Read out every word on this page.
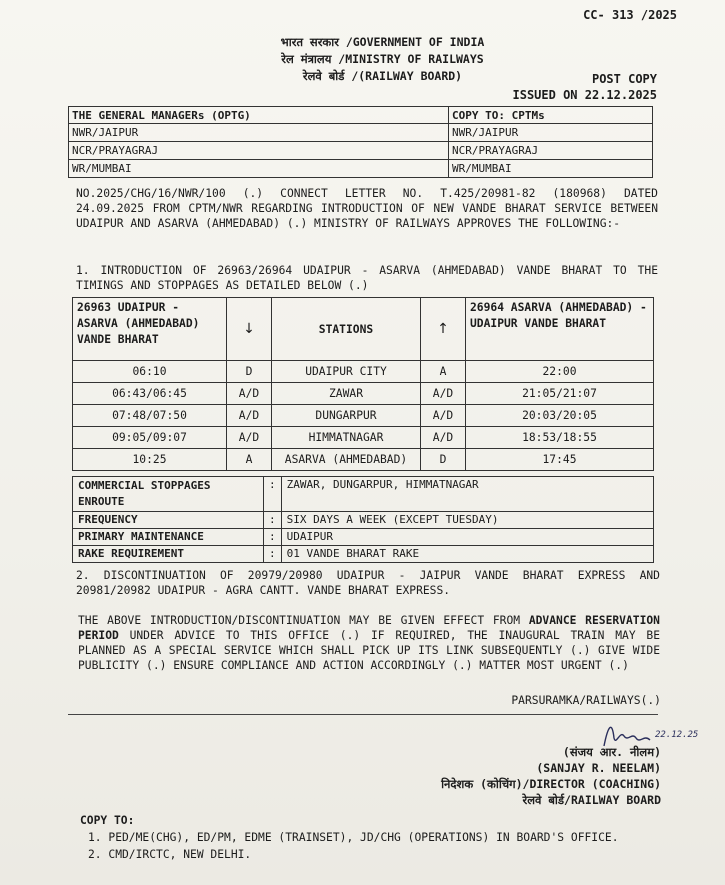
CC- 313 /2025
भारत सरकार /GOVERNMENT OF INDIA
रेल मंत्रालय /MINISTRY OF RAILWAYS
रेलवे बोर्ड /(RAILWAY BOARD)	POST COPY
ISSUED ON 22.12.2025
THE GENERAL MANAGERs (OPTG)	COPY TO: CPTMs
NWR/JAIPUR	NWR/JAIPUR
NCR/PRAYAGRAJ	NCR/PRAYAGRAJ
WR/MUMBAI	WR/MUMBAI
NO.2025/CHG/16/NWR/100 (.) CONNECT LETTER NO. T.425/20981-82 (180968) DATED 24.09.2025 FROM CPTM/NWR REGARDING INTRODUCTION OF NEW VANDE BHARAT SERVICE BETWEEN UDAIPUR AND ASARVA (AHMEDABAD) (.) MINISTRY OF RAILWAYS APPROVES THE FOLLOWING:-
1. INTRODUCTION OF 26963/26964 UDAIPUR - ASARVA (AHMEDABAD) VANDE BHARAT TO THE TIMINGS AND STOPPAGES AS DETAILED BELOW (.)
26963 UDAIPUR - ASARVA (AHMEDABAD) VANDE BHARAT	↓	STATIONS	↑	26964 ASARVA (AHMEDABAD) - UDAIPUR VANDE BHARAT
06:10	D	UDAIPUR CITY	A	22:00
06:43/06:45	A/D	ZAWAR	A/D	21:05/21:07
07:48/07:50	A/D	DUNGARPUR	A/D	20:03/20:05
09:05/09:07	A/D	HIMMATNAGAR	A/D	18:53/18:55
10:25	A	ASARVA (AHMEDABAD)	D	17:45
COMMERCIAL STOPPAGES ENROUTE	:	ZAWAR, DUNGARPUR, HIMMATNAGAR
FREQUENCY	:	SIX DAYS A WEEK (EXCEPT TUESDAY)
PRIMARY MAINTENANCE	:	UDAIPUR
RAKE REQUIREMENT	:	01 VANDE BHARAT RAKE
2. DISCONTINUATION OF 20979/20980 UDAIPUR - JAIPUR VANDE BHARAT EXPRESS AND 20981/20982 UDAIPUR - AGRA CANTT. VANDE BHARAT EXPRESS.
THE ABOVE INTRODUCTION/DISCONTINUATION MAY BE GIVEN EFFECT FROM ADVANCE RESERVATION PERIOD UNDER ADVICE TO THIS OFFICE (.) IF REQUIRED, THE INAUGURAL TRAIN MAY BE PLANNED AS A SPECIAL SERVICE WHICH SHALL PICK UP ITS LINK SUBSEQUENTLY (.) GIVE WIDE PUBLICITY (.) ENSURE COMPLIANCE AND ACTION ACCORDINGLY (.) MATTER MOST URGENT (.)
PARSURAMKA/RAILWAYS(.)
22.12.25
(संजय आर. नीलम)
(SANJAY R. NEELAM)
निदेशक (कोचिंग)/DIRECTOR (COACHING)
रेलवे बोर्ड/RAILWAY BOARD
COPY TO:
1. PED/ME(CHG), ED/PM, EDME (TRAINSET), JD/CHG (OPERATIONS) IN BOARD'S OFFICE.
2. CMD/IRCTC, NEW DELHI.
